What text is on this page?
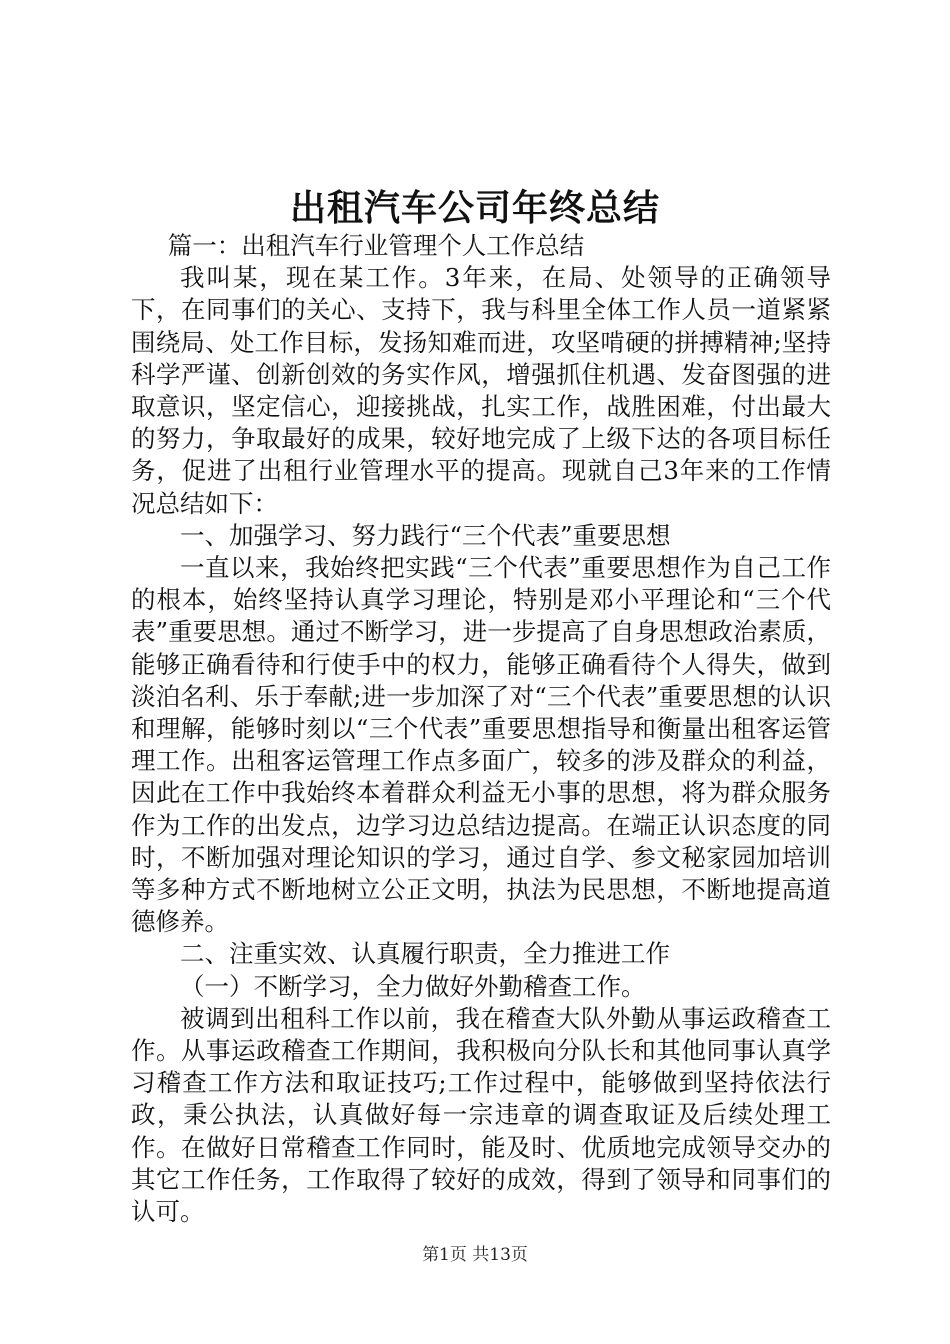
出租汽车公司年终总结

篇一：出租汽车行业管理个人工作总结

我叫某，现在某工作。3年来，在局、处领导的正确领导下，在同事们的关心、支持下，我与科里全体工作人员一道紧紧围绕局、处工作目标，发扬知难而进，攻坚啃硬的拼搏精神;坚持科学严谨、创新创效的务实作风，增强抓住机遇、发奋图强的进取意识，坚定信心，迎接挑战，扎实工作，战胜困难，付出最大的努力，争取最好的成果，较好地完成了上级下达的各项目标任务，促进了出租行业管理水平的提高。现就自己3年来的工作情况总结如下：

一、加强学习、努力践行“三个代表”重要思想

一直以来，我始终把实践“三个代表”重要思想作为自己工作的根本，始终坚持认真学习理论，特别是邓小平理论和“三个代表”重要思想。通过不断学习，进一步提高了自身思想政治素质，能够正确看待和行使手中的权力，能够正确看待个人得失，做到淡泊名利、乐于奉献;进一步加深了对“三个代表”重要思想的认识和理解，能够时刻以“三个代表”重要思想指导和衡量出租客运管理工作。出租客运管理工作点多面广，较多的涉及群众的利益，因此在工作中我始终本着群众利益无小事的思想，将为群众服务作为工作的出发点，边学习边总结边提高。在端正认识态度的同时，不断加强对理论知识的学习，通过自学、参文秘家园加培训等多种方式不断地树立公正文明，执法为民思想，不断地提高道德修养。

二、注重实效、认真履行职责，全力推进工作

（一）不断学习，全力做好外勤稽查工作。

被调到出租科工作以前，我在稽查大队外勤从事运政稽查工作。从事运政稽查工作期间，我积极向分队长和其他同事认真学习稽查工作方法和取证技巧;工作过程中，能够做到坚持依法行政，秉公执法，认真做好每一宗违章的调查取证及后续处理工作。在做好日常稽查工作同时，能及时、优质地完成领导交办的其它工作任务，工作取得了较好的成效，得到了领导和同事们的认可。

第1页 共13页
